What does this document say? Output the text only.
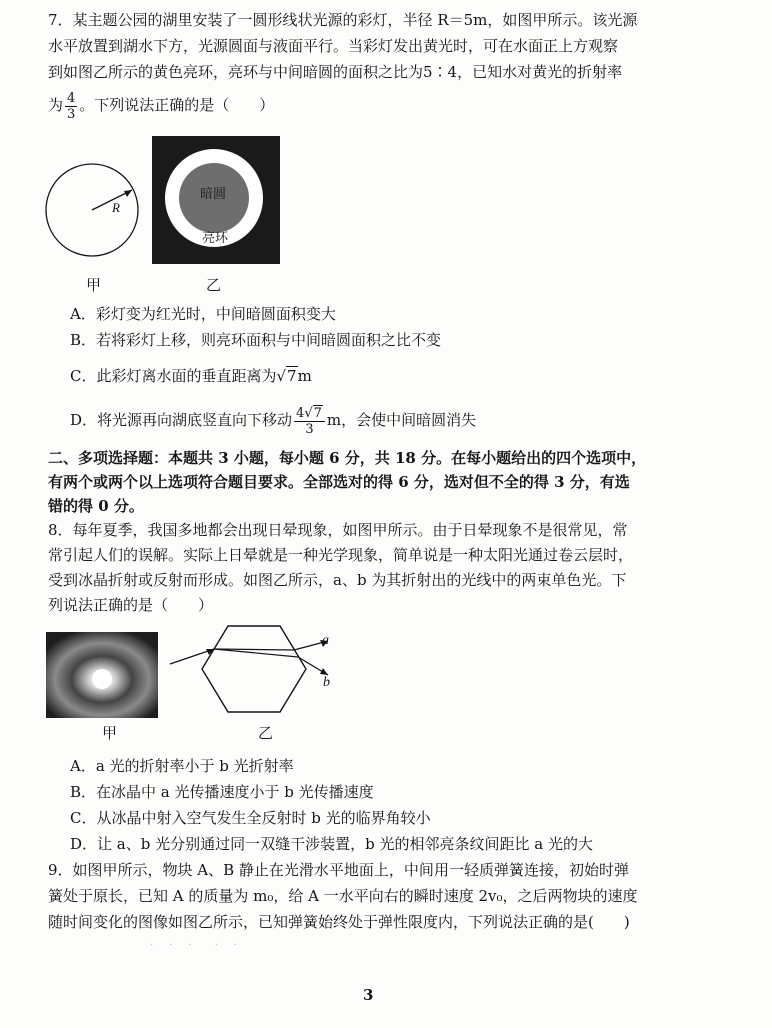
7．某主题公园的湖里安装了一圆形线状光源的彩灯，半径 R＝5m，如图甲所示。该光源
水平放置到湖水下方，光源圆面与液面平行。当彩灯发出黄光时，可在水面正上方观察
到如图乙所示的黄色亮环，亮环与中间暗圆的面积之比为5∶4，已知水对黄光的折射率
为 $\frac{4}{3}$ 。下列说法正确的是（　　）
R
甲
暗圆
亮环
乙
A．彩灯变为红光时，中间暗圆面积变大
B．若将彩灯上移，则亮环面积与中间暗圆面积之比不变
C．此彩灯离水面的垂直距离为√7m
D．将光源再向湖底竖直向下移动 $\frac{4√7}{3}$ m，会使中间暗圆消失
二、多项选择题：本题共 3 小题，每小题 6 分，共 18 分。在每小题给出的四个选项中，
有两个或两个以上选项符合题目要求。全部选对的得 6 分，选对但不全的得 3 分，有选
错的得 0 分。
8．每年夏季，我国多地都会出现日晕现象，如图甲所示。由于日晕现象不是很常见，常
常引起人们的误解。实际上日晕就是一种光学现象，简单说是一种太阳光通过卷云层时，
受到冰晶折射或反射而形成。如图乙所示，a、b 为其折射出的光线中的两束单色光。下
列说法正确的是（　　）
甲
a
b
乙
A．a 光的折射率小于 b 光折射率
B．在冰晶中 a 光传播速度小于 b 光传播速度
C．从冰晶中射入空气发生全反射时 b 光的临界角较小
D．让 a、b 光分别通过同一双缝干涉装置，b 光的相邻亮条纹间距比 a 光的大
9．如图甲所示，物块 A、B 静止在光滑水平地面上，中间用一轻质弹簧连接，初始时弹
簧处于原长，已知 A 的质量为 m₀，给 A 一水平向右的瞬时速度 2v₀，之后两物块的速度
随时间变化的图像如图乙所示，已知弹簧始终处于弹性限度内，下列说法正确的是(　　)
· · ·　· ·
3
